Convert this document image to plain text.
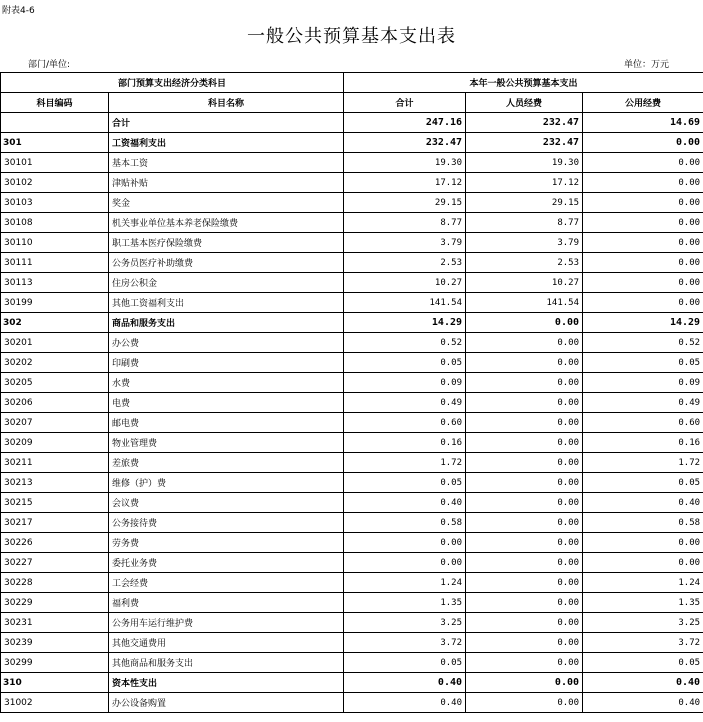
附表4-6
一般公共预算基本支出表
部门/单位:	单位：万元
部门预算支出经济分类科目		本年一般公共预算基本支出		
科目编码	科目名称	合计	人员经费	公用经费
	合计	247.16	232.47	14.69
301	工资福利支出	232.47	232.47	0.00
30101	基本工资	19.30	19.30	0.00
30102	津贴补贴	17.12	17.12	0.00
30103	奖金	29.15	29.15	0.00
30108	机关事业单位基本养老保险缴费	8.77	8.77	0.00
30110	职工基本医疗保险缴费	3.79	3.79	0.00
30111	公务员医疗补助缴费	2.53	2.53	0.00
30113	住房公积金	10.27	10.27	0.00
30199	其他工资福利支出	141.54	141.54	0.00
302	商品和服务支出	14.29	0.00	14.29
30201	办公费	0.52	0.00	0.52
30202	印刷费	0.05	0.00	0.05
30205	水费	0.09	0.00	0.09
30206	电费	0.49	0.00	0.49
30207	邮电费	0.60	0.00	0.60
30209	物业管理费	0.16	0.00	0.16
30211	差旅费	1.72	0.00	1.72
30213	维修（护）费	0.05	0.00	0.05
30215	会议费	0.40	0.00	0.40
30217	公务接待费	0.58	0.00	0.58
30226	劳务费	0.00	0.00	0.00
30227	委托业务费	0.00	0.00	0.00
30228	工会经费	1.24	0.00	1.24
30229	福利费	1.35	0.00	1.35
30231	公务用车运行维护费	3.25	0.00	3.25
30239	其他交通费用	3.72	0.00	3.72
30299	其他商品和服务支出	0.05	0.00	0.05
310	资本性支出	0.40	0.00	0.40
31002	办公设备购置	0.40	0.00	0.40
